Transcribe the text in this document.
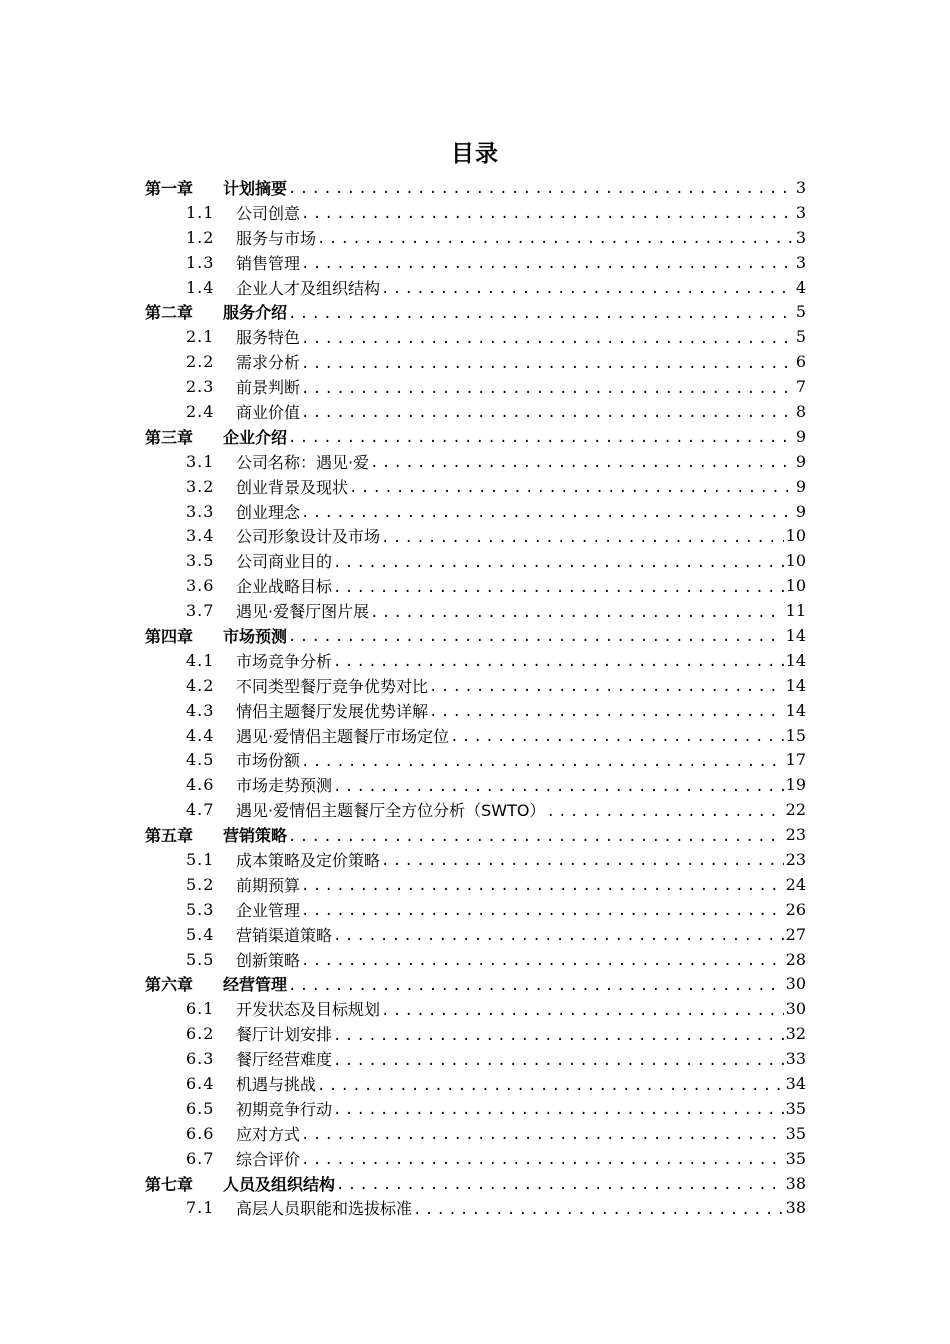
目录
第一章	计划摘要 .....	3
1.1	公司创意 .....	3
1.2	服务与市场 .....	3
1.3	销售管理 .....	3
1.4	企业人才及组织结构 .....	4
第二章	服务介绍 .....	5
2.1	服务特色 .....	5
2.2	需求分析 .....	6
2.3	前景判断 .....	7
2.4	商业价值 .....	8
第三章	企业介绍 .....	9
3.1	公司名称：遇见·爱 .....	9
3.2	创业背景及现状 .....	9
3.3	创业理念 .....	9
3.4	公司形象设计及市场 .....	10
3.5	公司商业目的 .....	10
3.6	企业战略目标 .....	10
3.7	遇见·爱餐厅图片展 .....	11
第四章	市场预测 .....	14
4.1	市场竞争分析 .....	14
4.2	不同类型餐厅竞争优势对比 .....	14
4.3	情侣主题餐厅发展优势详解 .....	14
4.4	遇见·爱情侣主题餐厅市场定位 .....	15
4.5	市场份额 .....	17
4.6	市场走势预测 .....	19
4.7	遇见·爱情侣主题餐厅全方位分析（SWTO） .....	22
第五章	营销策略 .....	23
5.1	成本策略及定价策略 .....	23
5.2	前期预算 .....	24
5.3	企业管理 .....	26
5.4	营销渠道策略 .....	27
5.5	创新策略 .....	28
第六章	经营管理 .....	30
6.1	开发状态及目标规划 .....	30
6.2	餐厅计划安排 .....	32
6.3	餐厅经营难度 .....	33
6.4	机遇与挑战 .....	34
6.5	初期竞争行动 .....	35
6.6	应对方式 .....	35
6.7	综合评价 .....	35
第七章	人员及组织结构 .....	38
7.1	高层人员职能和选拔标准 .....	38
